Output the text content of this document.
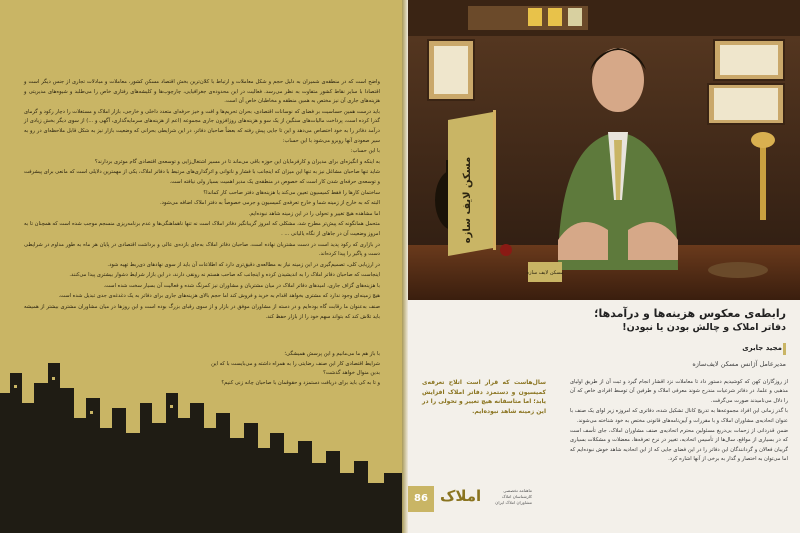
واضح است که در منطقه‌ی شمیران به دلیل حجم و شکل معاملات و ارتباط با کلان‌ترین بخش اقتصاد مسکن کشور، معاملات و مبادلات تجاری از جنس دیگر است و اقتصادا با سایر نقاط کشور متفاوت به نظر می‌رسد. فعالیت در این محدوده‌ی جغرافیایی، چارچوب‌ها و کلیشه‌های رفتاری خاص را می‌طلبد و شیوه‌های مدیریتی و هزینه‌های جاری آن نیز مختص به همین منطقه و مخاطبان خاص آن است.

باید درست همین حساسیت بر فضای که نوسانات اقتصادی، بحران تحریم‌ها و افت و خیز حرفه‌ای متعدد داخلی و خارجی، بازار املاک و مستغلات را دچار رکود و گرمای گذرا کرده است، پرداخت مالیات‌های سنگین از یک سو و هزینه‌های روزافزون جاری مجموعه (اعم از هزینه‌های سرمایه‌گذاری، آگهی و ...) از سوی دیگر بخش زیادی از درآمد دفاتر را به خود اختصاص می‌دهد و این تا جایی پیش رفته که بعضاً صاحبان دفاتر، در این شرایطی بحرانی که وضعیت بازار نیز به شکل قابل ملاحظه‌ای در رو به سیر صعودی آنها روبرو می‌شود با این حساب:

با این حساب:

به اینکه و انگیزه‌ای برای مدیران و کارفرمایان این حوزه باقی می‌ماند تا در مسیر اشتغال‌زایی و توسعه‌ی اقتصادی گام موثری بردارند؟

شاید تنها صاحبان مشاغل نیز به تنها این میزان که اینجانب با فشار و ناتوانی و اثرگذاری‌های مرتبط با دفاتر املاک، یکی از مهمترین دلایلی است که مانعی برای پیشرفت و توسعه‌ی حرفه‌ای شدن کار است که خصوص در منطقه‌ی یک مدیر اهمیت بسیار ولی نیافته است.

ساختمان کارها را فقط کمیسیون تعیین می‌کند یا هزینه‌های دفتر صاحب کار کماندا؟

البته که به خارج از زمینه شما و خارج تعرفه‌ی کمیسیون و جرمی خصوصاً به دفتر املاک اضافه می‌شود.

اما مشاهده هیچ تغییر و تحولی را در این زمینه شاهد نبوده‌ایم.

متحمل همانگونه که پیش‌تر مطرح شد، مشکلی که امروز گریبانگیر دفاتر املاک است نه تنها ناهماهنگی‌ها و عدم برنامه‌ریزی منسجم موجب شده است که همچنان تا به امروز وضعیت آن در جاهای از نگاه یالیانی ... .

در بازاری که رکود پدید است در دست مشتریان نهاده است، صاحبان دفاتر املاک به‌جای بازده‌ی عالی و برداشت اقتصادی در پایان هر ماه به طور مداوم در شرایطی دست و پاگیر را پیدا کرده‌اند.

در ارزیابی کلی، تصمیم‌گیری در این زمینه نیاز به مطالعه‌ی دقیق‌تری دارد که اطلاعات آن باید از سوی نهادهای ذی‌ربط تهیه شود.

اینجاست که صاحبان دفاتر املاک را به اندیشیدن کرده و اینجانب که صاحب هستم نه رونقی دارند، در این بازار شرایط دشوار بیشتری پیدا می‌کنند.

با هزینه‌های گزاف جاری، امیدهای دفاتر املاک در میان مشتریان و مشاوران نیز کمرنگ شده و فعالیت آن بسیار سخت شده است.

هیچ زمینه‌ای وجود ندارد که مشتری بخواهد اقدام به خرید و فروش کند اما حجم بالای هزینه‌های جاری برای دفاتر به یک دغدغه‌ی جدی تبدیل شده است.

صنف به‌عنوان ما رقابت گاه بوده‌ایم و در دسته از مشاوران موفق در بازار و از سوی رقبای بزرگ بوده است و این روزها در میان مشاوران مشتری بیشتر از همیشه باید تلاش کند که بتواند سهم خود را از بازار حفظ کند.

با باز هم ما می‌مانیم و این پرسش همیشگی؛
شرایط اقتصادی کار این صنف رضایتی را به همراه داشته و می‌بایست با که این بدین منوال خواهد گذشت؟
و تا به کی باید برای دریافت دستمزد و حقوقمان با صاحبان چانه زنی کنیم؟
مسکن لایف سازه
مسکن لایف سازه
رابطه‌ی معکوس هزینه‌ها و درآمدها؛
دفاتر املاک و چالش بودن یا نبودن!
مجید جابری
مدیرعامل آژانس مسکن لایف‌سازه

از روزگاران کهن که کوشیدیم دستور داد تا معاملات نزد اقشار انجام گیرد و ثبت آن از طریق اولیای مذهبی و علما، در دفاتر شرعیات مندرج شوند معرفی املاک و طرفین آن توسط افرادی خاص که آن را ذلال می‌نامیدند صورت می‌گرفت.

با گذر زمانی این افراد مجموعه‌ها به تدریج کانال تشکیل شده، دفاتری که امروزه زیر لوای یک صنف با عنوان اتحادیه‌ی مشاوران املاک و با مقررات و آیین‌نامه‌های قانونی مختص به خود شناخته می‌شوند.

ضمن قدردانی از زحمات بی‌دریغ مسئولین محترم اتحادیه‌ی صنف مشاوران املاک، جای تأسف است که در بسیاری از مواقع، سال‌ها از تأسیس اتحادیه، تغییر در نرخ تعرفه‌ها، معضلات و مشکلات بسیاری گریبان فعالان و گردانندگان این دفاتر را در این فضای جایی که از این اتحادیه شاهد خوش نبوده‌ایم که اما می‌توان به اختصار و گذار به برخی از آنها اشاره کرد.

سال‌هاست که قرار است اتلاح تعرفه‌ی کمیسیون و دستمزد دفاتر املاک افزایش یابد؛ اما متاسفانه هیچ تغییر و تحولی را در این زمینه شاهد نبوده‌ایم.
86 املاک	ماهنامه تخصصی
کارشناسان املاک
مشاوران املاک ایران
